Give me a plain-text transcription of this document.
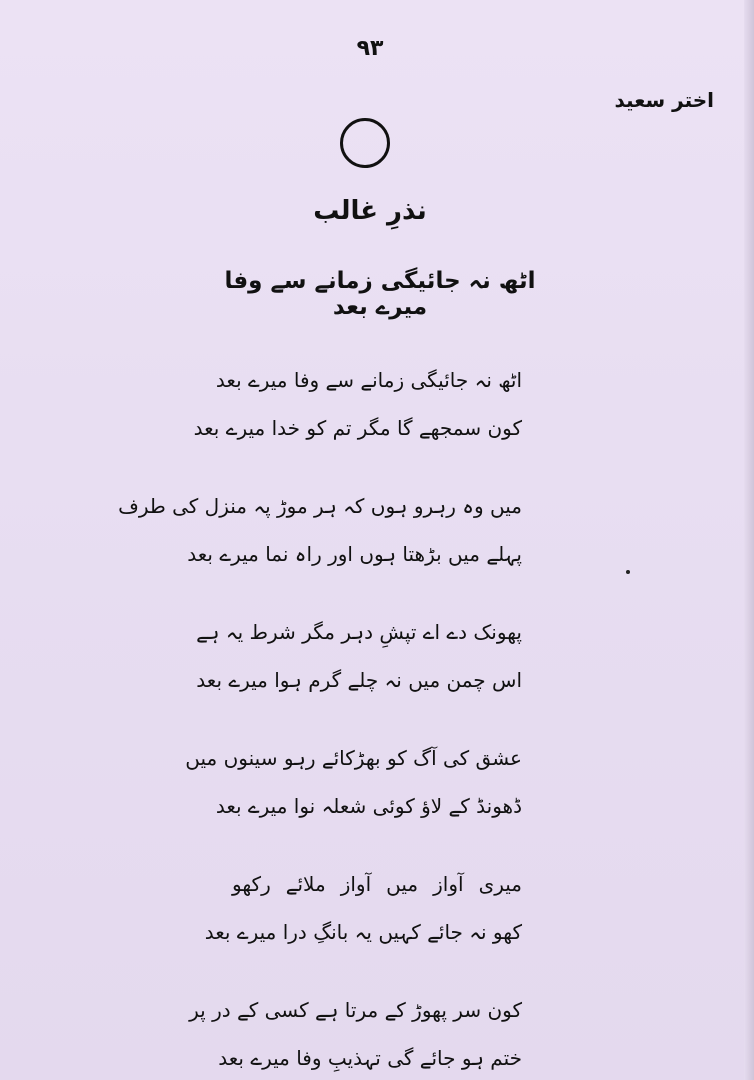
۹۳
اختر سعید
نذرِ غالب
اٹھ نہ جائیگی زمانے سے وفا میرے بعد
اٹھ نہ جائیگی زمانے سے وفا میرے بعد
کون سمجھے گا مگر تم کو خدا میرے بعد
میں وہ رہرو ہوں کہ ہر موڑ پہ منزل کی طرف
پہلے میں بڑھتا ہوں اور راہ نما میرے بعد
پھونک دے اے تپشِ دہر مگر شرط یہ ہے
اس چمن میں نہ چلے گرم ہوا میرے بعد
عشق کی آگ کو بھڑکائے رہو سینوں میں
ڈھونڈ کے لاؤ کوئی شعلہ نوا میرے بعد
میری آواز میں آواز ملائے رکھو
کھو نہ جائے کہیں یہ بانگِ درا میرے بعد
کون سر پھوڑ کے مرتا ہے کسی کے در پر
ختم ہو جائے گی تہذیبِ وفا میرے بعد
